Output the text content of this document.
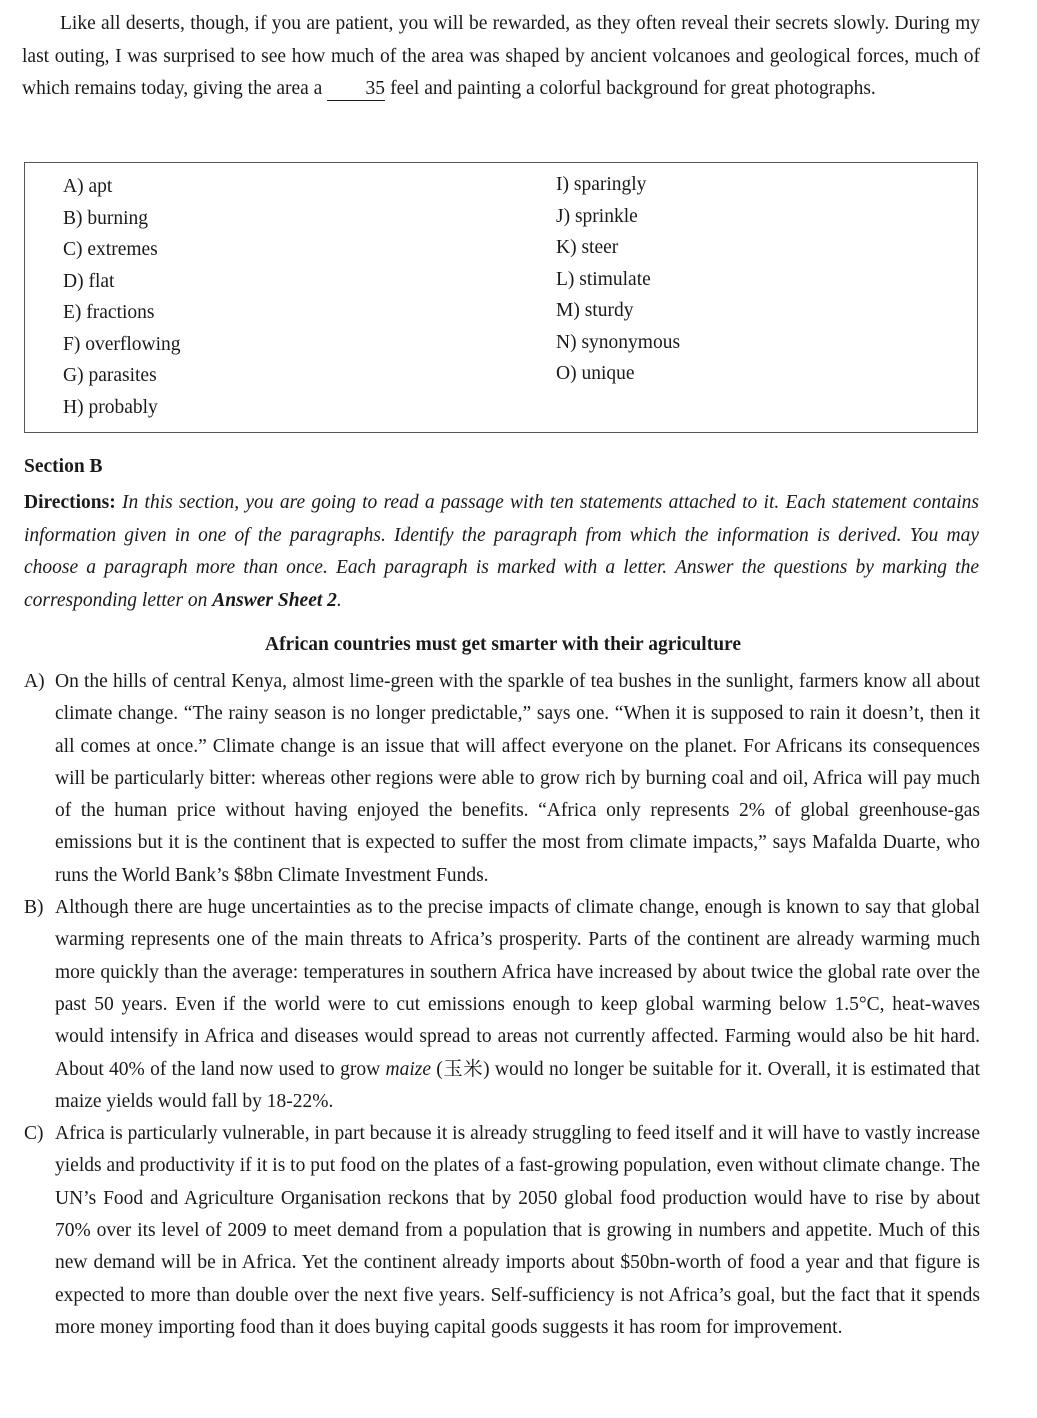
Like all deserts, though, if you are patient, you will be rewarded, as they often reveal their secrets slowly. During my last outing, I was surprised to see how much of the area was shaped by ancient volcanoes and geological forces, much of which remains today, giving the area a 35 feel and painting a colorful background for great photographs.

A) apt
B) burning
C) extremes
D) flat
E) fractions
F) overflowing
G) parasites
H) probably
I) sparingly
J) sprinkle
K) steer
L) stimulate
M) sturdy
N) synonymous
O) unique
Section B

Directions: In this section, you are going to read a passage with ten statements attached to it. Each statement contains information given in one of the paragraphs. Identify the paragraph from which the information is derived. You may choose a paragraph more than once. Each paragraph is marked with a letter. Answer the questions by marking the corresponding letter on Answer Sheet 2.

African countries must get smarter with their agriculture

A) On the hills of central Kenya, almost lime-green with the sparkle of tea bushes in the sunlight, farmers know all about climate change. “The rainy season is no longer predictable,” says one. “When it is supposed to rain it doesn’t, then it all comes at once.” Climate change is an issue that will affect everyone on the planet. For Africans its consequences will be particularly bitter: whereas other regions were able to grow rich by burning coal and oil, Africa will pay much of the human price without having enjoyed the benefits. “Africa only represents 2% of global greenhouse-gas emissions but it is the continent that is expected to suffer the most from climate impacts,” says Mafalda Duarte, who runs the World Bank’s $8bn Climate Investment Funds.

B) Although there are huge uncertainties as to the precise impacts of climate change, enough is known to say that global warming represents one of the main threats to Africa’s prosperity. Parts of the continent are already warming much more quickly than the average: temperatures in southern Africa have increased by about twice the global rate over the past 50 years. Even if the world were to cut emissions enough to keep global warming below 1.5°C, heat-waves would intensify in Africa and diseases would spread to areas not currently affected. Farming would also be hit hard. About 40% of the land now used to grow maize (玉米) would no longer be suitable for it. Overall, it is estimated that maize yields would fall by 18-22%.

C) Africa is particularly vulnerable, in part because it is already struggling to feed itself and it will have to vastly increase yields and productivity if it is to put food on the plates of a fast-growing population, even without climate change. The UN’s Food and Agriculture Organisation reckons that by 2050 global food production would have to rise by about 70% over its level of 2009 to meet demand from a population that is growing in numbers and appetite. Much of this new demand will be in Africa. Yet the continent already imports about $50bn-worth of food a year and that figure is expected to more than double over the next five years. Self-sufficiency is not Africa’s goal, but the fact that it spends more money importing food than it does buying capital goods suggests it has room for improvement.
